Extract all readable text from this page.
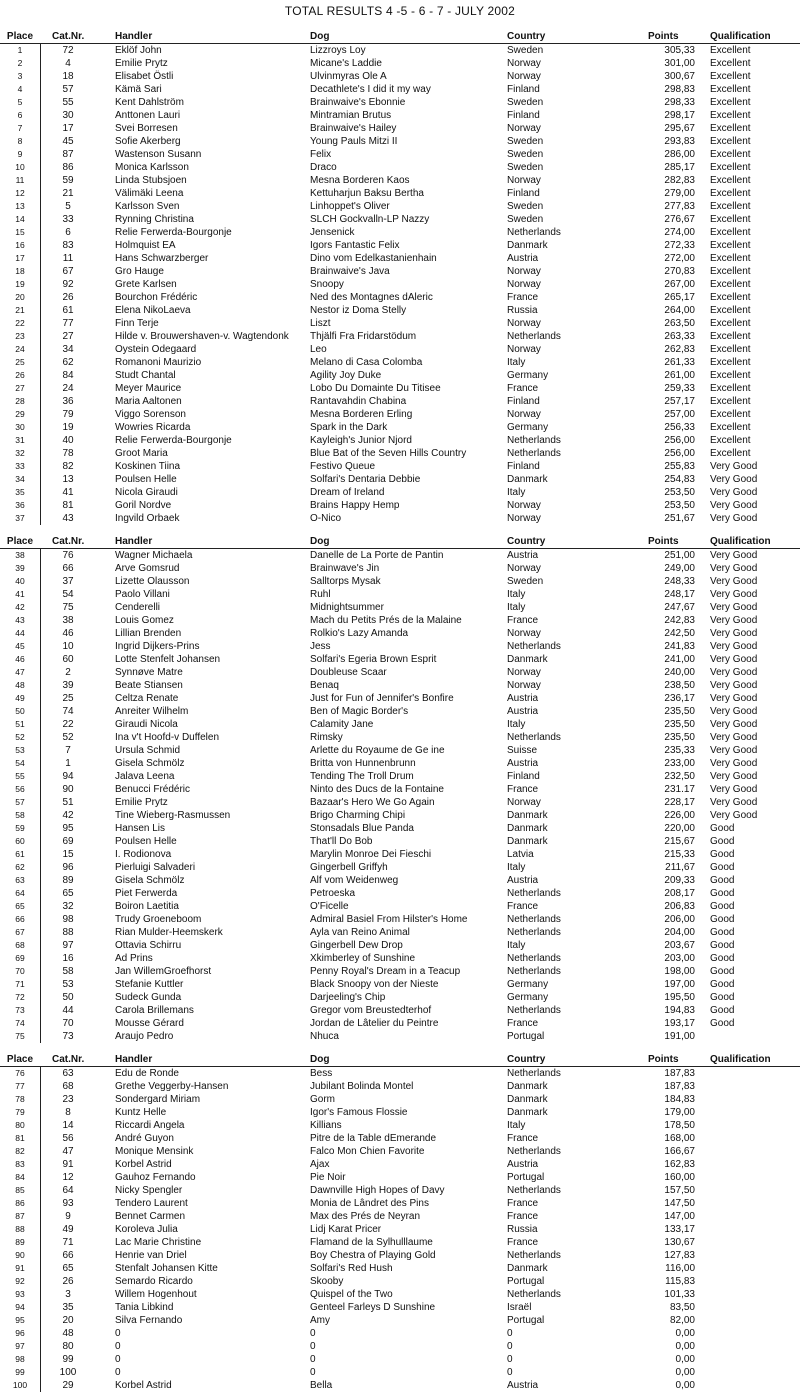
TOTAL RESULTS 4 -5 - 6 - 7 - JULY 2002
Place	Cat.Nr.	Handler	Dog	Country	Points	Qualification
1	72	Eklöf John	Lizzroys Loy	Sweden	305,33 Excellent
2	4	Emilie Prytz	Micane's Laddie	Norway	301,00 Excellent
3	18	Elisabet Östli	Ulvinmyras Ole A	Norway	300,67 Excellent
4	57	Kämä Sari	Decathlete's I did it my way	Finland	298,83 Excellent
5	55	Kent Dahlström	Brainwaive's Ebonnie	Sweden	298,33 Excellent
6	30	Anttonen Lauri	Mintramian Brutus	Finland	298,17 Excellent
7	17	Svei Borresen	Brainwaive's Hailey	Norway	295,67 Excellent
8	45	Sofie Akerberg	Young Pauls Mitzi II	Sweden	293,83 Excellent
9	87	Wastenson Susann	Felix	Sweden	286,00 Excellent
10	86	Monica Karlsson	Draco	Sweden	285,17 Excellent
11	59	Linda Stubsjoen	Mesna Borderen Kaos	Norway	282,83 Excellent
12	21	Välimäki Leena	Kettuharjun Baksu Bertha	Finland	279,00 Excellent
13	5	Karlsson Sven	Linhoppet's Oliver	Sweden	277,83 Excellent
14	33	Rynning Christina	SLCH Gockvalln-LP Nazzy	Sweden	276,67 Excellent
15	6	Relie Ferwerda-Bourgonje	Jensenick	Netherlands	274,00 Excellent
16	83	Holmquist EA	Igors Fantastic Felix	Danmark	272,33 Excellent
17	11	Hans Schwarzberger	Dino vom Edelkastanienhain	Austria	272,00 Excellent
18	67	Gro Hauge	Brainwaive's Java	Norway	270,83 Excellent
19	92	Grete Karlsen	Snoopy	Norway	267,00 Excellent
20	26	Bourchon Frédéric	Ned des Montagnes dAleric	France	265,17 Excellent
21	61	Elena NikoLaeva	Nestor iz Doma Stelly	Russia	264,00 Excellent
22	77	Finn Terje	Liszt	Norway	263,50 Excellent
23	27	Hilde v. Brouwershaven-v. Wagtendonk	Thjälfi Fra Fridarstödum	Netherlands	263,33 Excellent
24	34	Oystein Odegaard	Leo	Norway	262,83 Excellent
25	62	Romanoni Maurizio	Melano di Casa Colomba	Italy	261,33 Excellent
26	84	Studt Chantal	Agility Joy Duke	Germany	261,00 Excellent
27	24	Meyer Maurice	Lobo Du Domainte Du Titisee	France	259,33 Excellent
28	36	Maria Aaltonen	Rantavahdin Chabina	Finland	257,17 Excellent
29	79	Viggo Sorenson	Mesna Borderen Erling	Norway	257,00 Excellent
30	19	Wowries Ricarda	Spark in the Dark	Germany	256,33 Excellent
31	40	Relie Ferwerda-Bourgonje	Kayleigh's Junior Njord	Netherlands	256,00 Excellent
32	78	Groot Maria	Blue Bat of the Seven Hills Country	Netherlands	256,00 Excellent
33	82	Koskinen Tiina	Festivo Queue	Finland	255,83 Very Good
34	13	Poulsen Helle	Solfari's Dentaria Debbie	Danmark	254,83 Very Good
35	41	Nicola Giraudi	Dream of Ireland	Italy	253,50 Very Good
36	81	Goril Nordve	Brains Happy Hemp	Norway	253,50 Very Good
37	43	Ingvild Orbaek	O-Nico	Norway	251,67 Very Good
Place	Cat.Nr.	Handler	Dog	Country	Points	Qualification
38	76	Wagner Michaela	Danelle de La Porte de Pantin	Austria	251,00 Very Good
39	66	Arve Gomsrud	Brainwave's Jin	Norway	249,00 Very Good
40	37	Lizette Olausson	Salltorps Mysak	Sweden	248,33 Very Good
41	54	Paolo Villani	Ruhl	Italy	248,17 Very Good
42	75	Cenderelli	Midnightsummer	Italy	247,67 Very Good
43	38	Louis Gomez	Mach du Petits Prés de la Malaine	France	242,83 Very Good
44	46	Lillian Brenden	Rolkio's Lazy Amanda	Norway	242,50 Very Good
45	10	Ingrid Dijkers-Prins	Jess	Netherlands	241,83 Very Good
46	60	Lotte Stenfelt Johansen	Solfari's Egeria Brown Esprit	Danmark	241,00 Very Good
47	2	Synnøve Matre	Doubleuse Scaar	Norway	240,00 Very Good
48	39	Beate Stiansen	Benaq	Norway	238,50 Very Good
49	25	Celtza Renate	Just for Fun of Jennifer's Bonfire	Austria	236,17 Very Good
50	74	Anreiter Wilhelm	Ben of Magic Border's	Austria	235,50 Very Good
51	22	Giraudi Nicola	Calamity Jane	Italy	235,50 Very Good
52	52	Ina v't Hoofd-v Duffelen	Rimsky	Netherlands	235,50 Very Good
53	7	Ursula Schmid	Arlette du Royaume de Ge ine	Suisse	235,33 Very Good
54	1	Gisela Schmölz	Britta von Hunnenbrunn	Austria	233,00 Very Good
55	94	Jalava Leena	Tending The Troll Drum	Finland	232,50 Very Good
56	90	Benucci Frédéric	Ninto des Ducs de la Fontaine	France	231.17 Very Good
57	51	Emilie Prytz	Bazaar's Hero We Go Again	Norway	228,17 Very Good
58	42	Tine Wieberg-Rasmussen	Brigo Charming Chipi	Danmark	226,00 Very Good
59	95	Hansen Lis	Stonsadals Blue Panda	Danmark	220,00 Good
60	69	Poulsen Helle	That'll Do Bob	Danmark	215,67 Good
61	15	I. Rodionova	Marylin Monroe Dei Fieschi	Latvia	215,33 Good
62	96	Pierluigi Salvaderi	Gingerbell Griffyh	Italy	211,67 Good
63	89	Gisela Schmölz	Alf vom Weidenweg	Austria	209,33 Good
64	65	Piet Ferwerda	Petroeska	Netherlands	208,17 Good
65	32	Boiron Laetitia	O'Ficelle	France	206,83 Good
66	98	Trudy Groeneboom	Admiral Basiel From Hilster's Home	Netherlands	206,00 Good
67	88	Rian Mulder-Heemskerk	Ayla van Reino Animal	Netherlands	204,00 Good
68	97	Ottavia Schirru	Gingerbell Dew Drop	Italy	203,67 Good
69	16	Ad Prins	Xkimberley of Sunshine	Netherlands	203,00 Good
70	58	Jan WillemGroefhorst	Penny Royal's Dream in a Teacup	Netherlands	198,00 Good
71	53	Stefanie Kuttler	Black Snoopy von der Nieste	Germany	197,00 Good
72	50	Sudeck Gunda	Darjeeling's Chip	Germany	195,50 Good
73	44	Carola Brillemans	Gregor vom Breustedterhof	Netherlands	194,83 Good
74	70	Mousse Gérard	Jordan de Lâtelier du Peintre	France	193,17 Good
75	73	Araujo Pedro	Nhuca	Portugal	191,00
Place	Cat.Nr.	Handler	Dog	Country	Points	Qualification
76	63	Edu de Ronde	Bess	Netherlands	187,83
77	68	Grethe Veggerby-Hansen	Jubilant Bolinda Montel	Danmark	187,83
78	23	Sondergard Miriam	Gorm	Danmark	184,83
79	8	Kuntz Helle	Igor's Famous Flossie	Danmark	179,00
80	14	Riccardi Angela	Killians	Italy	178,50
81	56	André Guyon	Pitre de la Table dEmerande	France	168,00
82	47	Monique Mensink	Falco Mon Chien Favorite	Netherlands	166,67
83	91	Korbel Astrid	Ajax	Austria	162,83
84	12	Gauhoz Fernando	Pie Noir	Portugal	160,00
85	64	Nicky Spengler	Dawnville High Hopes of Davy	Netherlands	157,50
86	93	Tendero Laurent	Monia de Lândret des Pins	France	147,50
87	9	Bennet Carmen	Max des Prés de Neyran	France	147,00
88	49	Koroleva Julia	Lidj Karat Pricer	Russia	133,17
89	71	Lac Marie Christine	Flamand de la Sylhulllaume	France	130,67
90	66	Henrie van Driel	Boy Chestra of Playing Gold	Netherlands	127,83
91	65	Stenfalt Johansen Kitte	Solfari's Red Hush	Danmark	116,00
92	26	Semardo Ricardo	Skooby	Portugal	115,83
93	3	Willem Hogenhout	Quispel of the Two	Netherlands	101,33
94	35	Tania Libkind	Genteel Farleys D Sunshine	Israël	83,50
95	20	Silva Fernando	Amy	Portugal	82,00
96	48	0	0	0	0,00
97	80	0	0	0	0,00
98	99	0	0	0	0,00
99	100	0	0	0	0,00
100	29	Korbel Astrid	Bella	Austria	0,00
